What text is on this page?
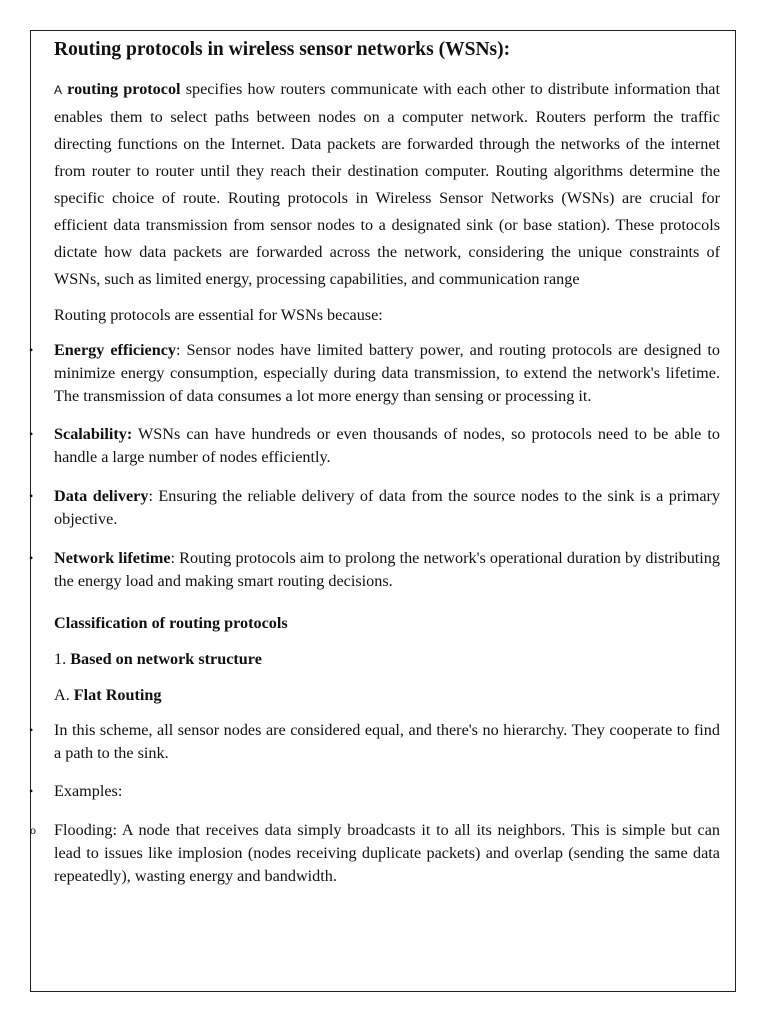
Routing protocols in wireless sensor networks (WSNs):

A routing protocol specifies how routers communicate with each other to distribute information that enables them to select paths between nodes on a computer network. Routers perform the traffic directing functions on the Internet. Data packets are forwarded through the networks of the internet from router to router until they reach their destination computer. Routing algorithms determine the specific choice of route. Routing protocols in Wireless Sensor Networks (WSNs) are crucial for efficient data transmission from sensor nodes to a designated sink (or base station). These protocols dictate how data packets are forwarded across the network, considering the unique constraints of WSNs, such as limited energy, processing capabilities, and communication range

Routing protocols are essential for WSNs because:

• Energy efficiency: Sensor nodes have limited battery power, and routing protocols are designed to minimize energy consumption, especially during data transmission, to extend the network's lifetime. The transmission of data consumes a lot more energy than sensing or processing it.
• Scalability: WSNs can have hundreds or even thousands of nodes, so protocols need to be able to handle a large number of nodes efficiently.
• Data delivery: Ensuring the reliable delivery of data from the source nodes to the sink is a primary objective.
• Network lifetime: Routing protocols aim to prolong the network's operational duration by distributing the energy load and making smart routing decisions.

Classification of routing protocols

1. Based on network structure

A. Flat Routing

• In this scheme, all sensor nodes are considered equal, and there's no hierarchy. They cooperate to find a path to the sink.
• Examples:
o Flooding: A node that receives data simply broadcasts it to all its neighbors. This is simple but can lead to issues like implosion (nodes receiving duplicate packets) and overlap (sending the same data repeatedly), wasting energy and bandwidth.
